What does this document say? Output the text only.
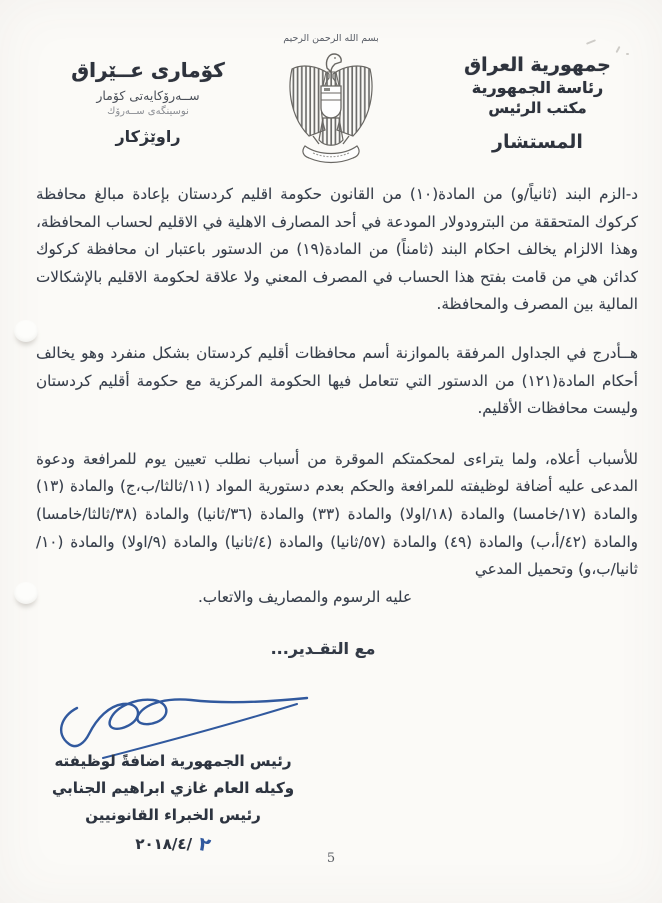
بسم الله الرحمن الرحيم
جمهورية العراق
رئاسة الجمهورية
مكتب الرئيس
المستشار
كۆمارى عــێراق
ســەرۆكايەتى كۆمار
نوسينگەى ســەرۆك
راوێژكار

د-الزم البند (ثانياً/و) من المادة(١٠) من القانون حكومة اقليم كردستان بإعادة مبالغ محافظة كركوك المتحققة من البترودولار المودعة في أحد المصارف الاهلية في الاقليم لحساب المحافظة، وهذا الالزام يخالف احكام البند (ثامناً) من المادة(١٩) من الدستور باعتبار ان محافظة كركوك كدائن هي من قامت بفتح هذا الحساب في المصرف المعني ولا علاقة لحكومة الاقليم بالإشكالات المالية بين المصرف والمحافظة.

هــأدرج في الجداول المرفقة بالموازنة أسم محافظات أقليم كردستان بشكل منفرد وهو يخالف أحكام المادة(١٢١) من الدستور التي تتعامل فيها الحكومة المركزية مع حكومة أقليم كردستان وليست محافظات الأقليم.

للأسباب أعلاه، ولما يتراءى لمحكمتكم الموقرة من أسباب نطلب تعيين يوم للمرافعة ودعوة المدعى عليه أضافة لوظيفته للمرافعة والحكم بعدم دستورية المواد (١١/ثالثا/ب،ج) والمادة (١٣) والمادة (١٧/خامسا) والمادة (١٨/اولا) والمادة (٣٣) والمادة (٣٦/ثانيا) والمادة (٣٨/ثالثا/خامسا) والمادة (٤٢/أ،ب) والمادة (٤٩) والمادة (٥٧/ثانيا) والمادة (٤/ثانيا) والمادة (٩/اولا) والمادة (١٠/ثانيا/ب،و) وتحميل المدعي

عليه الرسوم والمصاريف والاتعاب.
مع التقـدير...
رئيس الجمهورية اضافةً لوظيفته
وكيله العام غازي ابراهيم الجنابي
رئيس الخبراء القانونيين
٢٠١٨/٤/ ٢
5
